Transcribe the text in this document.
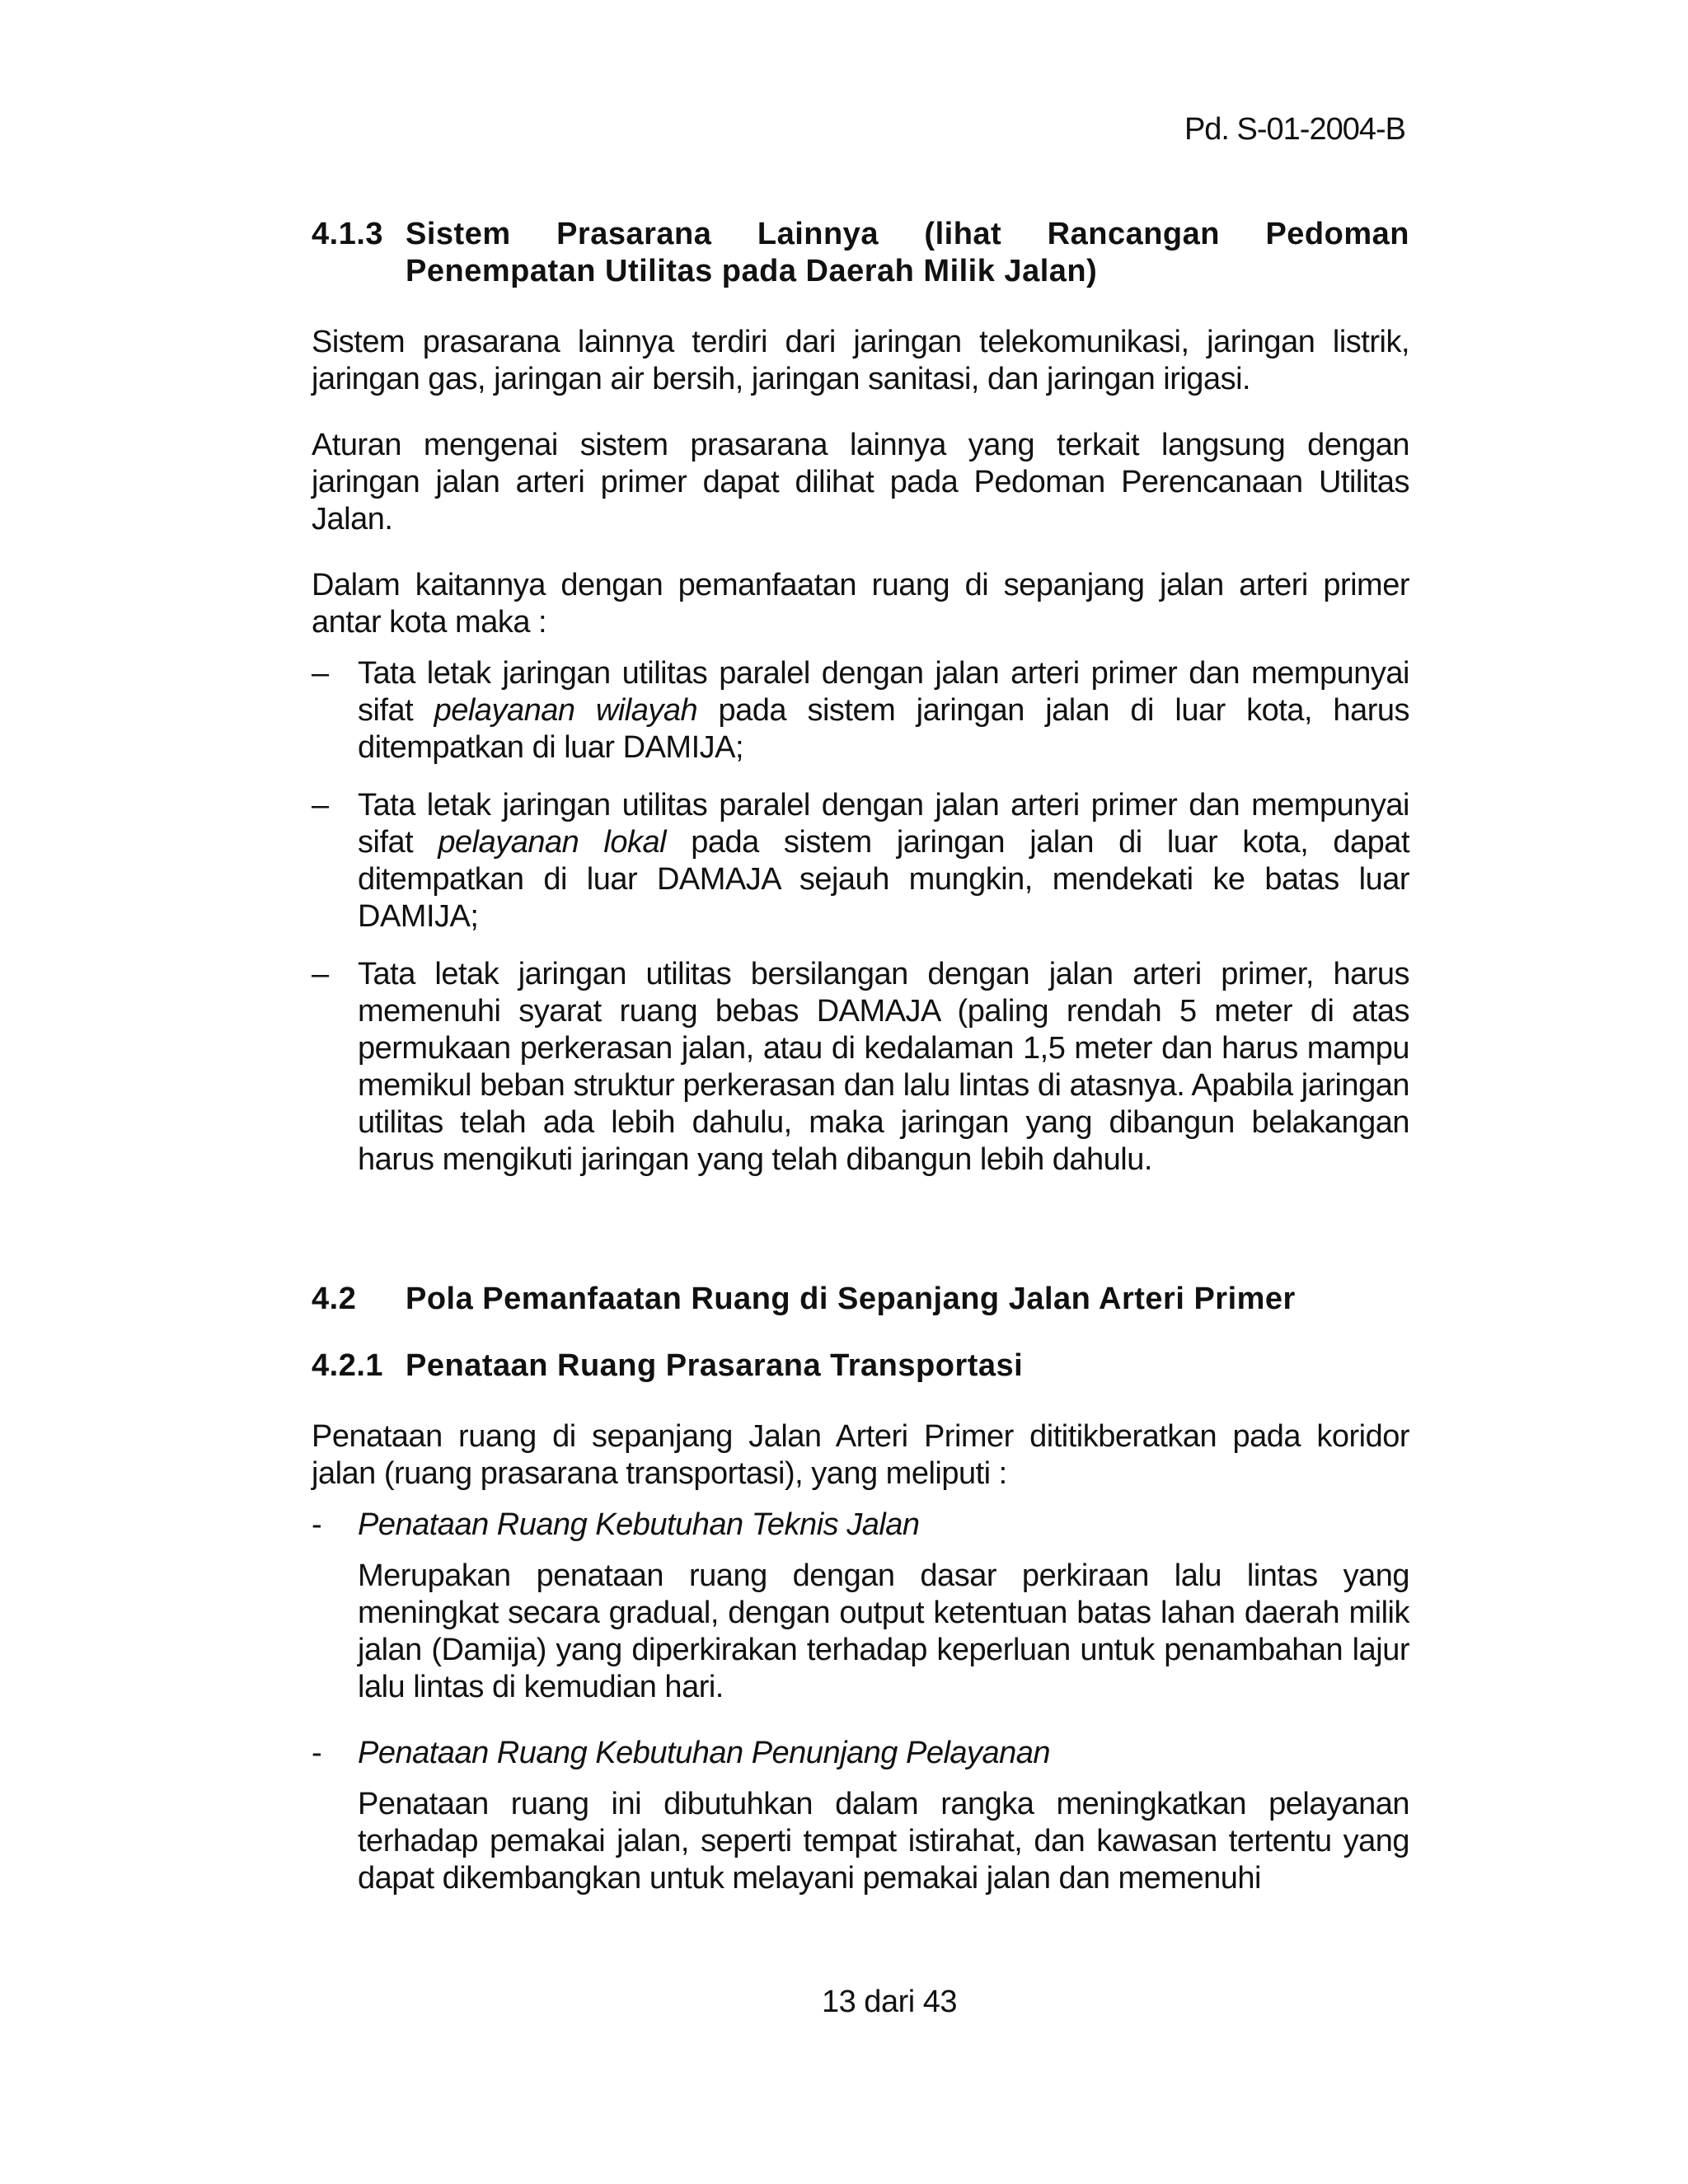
Pd. S-01-2004-B
4.1.3 Sistem Prasarana Lainnya (lihat Rancangan Pedoman Penempatan Utilitas pada Daerah Milik Jalan)
Sistem prasarana lainnya terdiri dari jaringan telekomunikasi, jaringan listrik, jaringan gas, jaringan air bersih, jaringan sanitasi, dan jaringan irigasi.
Aturan mengenai sistem prasarana lainnya yang terkait langsung dengan jaringan jalan arteri primer dapat dilihat pada Pedoman Perencanaan Utilitas Jalan.
Dalam kaitannya dengan pemanfaatan ruang di sepanjang jalan arteri primer antar kota maka :
– Tata letak jaringan utilitas paralel dengan jalan arteri primer dan mempunyai sifat pelayanan wilayah pada sistem jaringan jalan di luar kota, harus ditempatkan di luar DAMIJA;
– Tata letak jaringan utilitas paralel dengan jalan arteri primer dan mempunyai sifat pelayanan lokal pada sistem jaringan jalan di luar kota, dapat ditempatkan di luar DAMAJA sejauh mungkin, mendekati ke batas luar DAMIJA;
– Tata letak jaringan utilitas bersilangan dengan jalan arteri primer, harus memenuhi syarat ruang bebas DAMAJA (paling rendah 5 meter di atas permukaan perkerasan jalan, atau di kedalaman 1,5 meter dan harus mampu memikul beban struktur perkerasan dan lalu lintas di atasnya. Apabila jaringan utilitas telah ada lebih dahulu, maka jaringan yang dibangun belakangan harus mengikuti jaringan yang telah dibangun lebih dahulu.
4.2	Pola Pemanfaatan Ruang di Sepanjang Jalan Arteri Primer
4.2.1 Penataan Ruang Prasarana Transportasi
Penataan ruang di sepanjang Jalan Arteri Primer dititikberatkan pada koridor jalan (ruang prasarana transportasi), yang meliputi :
-	Penataan Ruang Kebutuhan Teknis Jalan
Merupakan penataan ruang dengan dasar perkiraan lalu lintas yang meningkat secara gradual, dengan output ketentuan batas lahan daerah milik jalan (Damija) yang diperkirakan terhadap keperluan untuk penambahan lajur lalu lintas di kemudian hari.
-	Penataan Ruang Kebutuhan Penunjang Pelayanan
Penataan ruang ini dibutuhkan dalam rangka meningkatkan pelayanan terhadap pemakai jalan, seperti tempat istirahat, dan kawasan tertentu yang dapat dikembangkan untuk melayani pemakai jalan dan memenuhi
13 dari 43
